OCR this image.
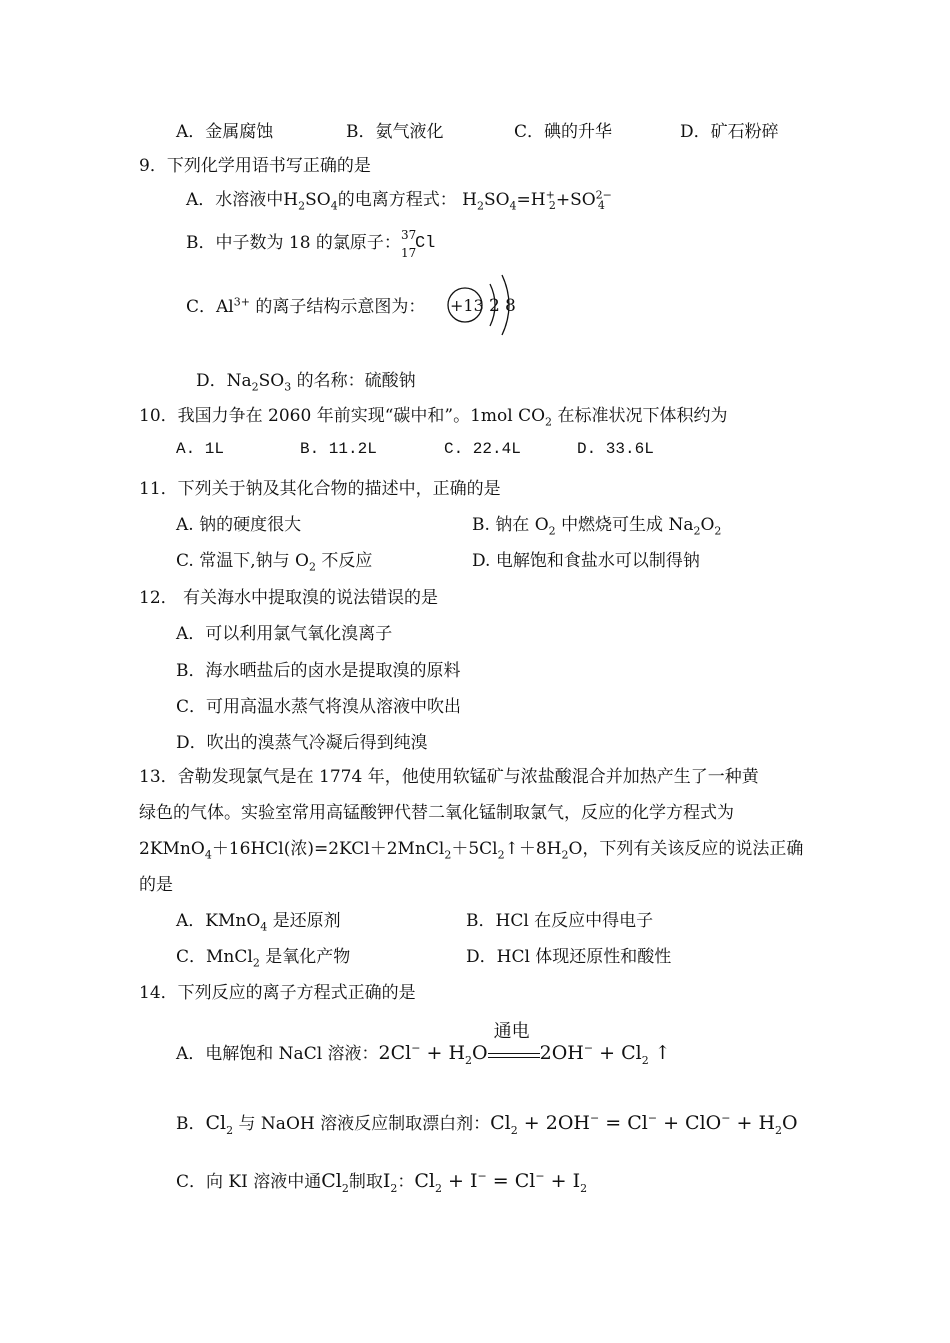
A．金属腐蚀	B．氨气液化	C．碘的升华	D．矿石粉碎
9．下列化学用语书写正确的是
A．水溶液中$H_2SO_4$的电离方程式： $H_2SO_4=H^+_2+SO^{2-}_4$
B．中子数为 18 的氯原子： 37
17
Cl
C．$Al^{3+}$ 的离子结构示意图为： +13 2 8
D．$Na_2SO_3$ 的名称：硫酸钠
10．我国力争在 2060 年前实现“碳中和”。1mol $CO_2$ 在标准状况下体积约为
A. 1L	B. 11.2L	C. 22.4L	D. 33.6L
11．下列关于钠及其化合物的描述中，正确的是
A. 钠的硬度很大	B. 钠在 $O_2$ 中燃烧可生成 $Na_2O_2$
C. 常温下,钠与 $O_2$ 不反应	D. 电解饱和食盐水可以制得钠
12． 有关海水中提取溴的说法错误的是
A．可以利用氯气氧化溴离子
B．海水晒盐后的卤水是提取溴的原料
C．可用高温水蒸气将溴从溶液中吹出
D．吹出的溴蒸气冷凝后得到纯溴
13．舍勒发现氯气是在 1774 年，他使用软锰矿与浓盐酸混合并加热产生了一种黄
绿色的气体。实验室常用高锰酸钾代替二氧化锰制取氯气，反应的化学方程式为
2KMnO$_4$＋16HCl(浓)$=2KCl+2MnCl_2+5Cl_2↑+8H_2O$，下列有关该反应的说法正确
的是
A．KMnO$_4$ 是还原剂	B．HCl 在反应中得电子
C．MnCl$_2$ 是氧化产物	D．HCl 体现还原性和酸性
14．下列反应的离子方程式正确的是
A．电解饱和 NaCl 溶液：$2Cl^- + H_2O$
通电
$2OH^- + Cl_2$ ↑
B．$Cl_2$ 与 NaOH 溶液反应制取漂白剂：$Cl_2 + 2OH^- = Cl^- + ClO^- + H_2O$
C．向 KI 溶液中通$Cl_2$制取$I_2$：$Cl_2 + I^- = Cl^- + I_2$
